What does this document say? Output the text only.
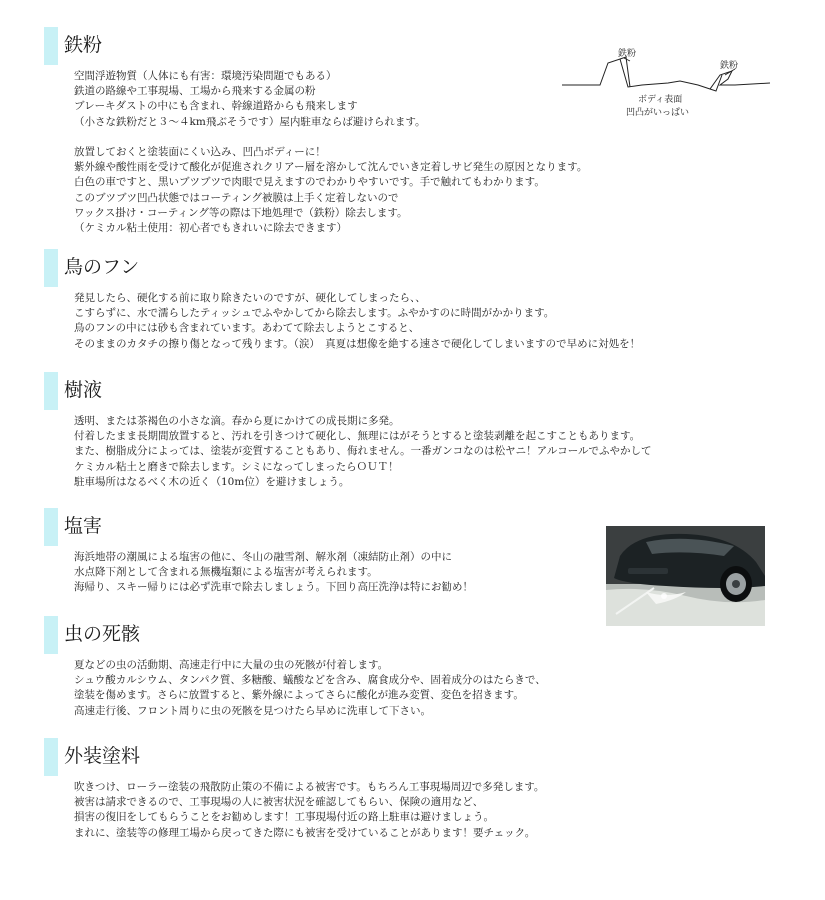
鉄粉
空間浮遊物質（人体にも有害：環境汚染問題でもある）
鉄道の路線や工事現場、工場から飛来する金属の粉
ブレーキダストの中にも含まれ、幹線道路からも飛来します
（小さな鉄粉だと３～４km飛ぶそうです）屋内駐車ならば避けられます。
放置しておくと塗装面にくい込み、凹凸ボディーに！
紫外線や酸性雨を受けて酸化が促進されクリアー層を溶かして沈んでいき定着しサビ発生の原因となります。
白色の車ですと、黒いブツブツで肉眼で見えますのでわかりやすいです。手で触れてもわかります。
このブツブツ凹凸状態ではコーティング被膜は上手く定着しないので
ワックス掛け・コーティング等の際は下地処理で（鉄粉）除去します。
（ケミカル粘土使用：初心者でもきれいに除去できます）
鉄粉
鉄粉
ボディ表面
凹凸がいっぱい
鳥のフン
発見したら、硬化する前に取り除きたいのですが、硬化してしまったら、、
こすらずに、水で濡らしたティッシュでふやかしてから除去します。ふやかすのに時間がかかります。
鳥のフンの中には砂も含まれています。あわてて除去しようとこすると、
そのままのカタチの擦り傷となって残ります。（涙）　真夏は想像を絶する速さで硬化してしまいますので早めに対処を！
樹液
透明、または茶褐色の小さな滴。春から夏にかけての成長期に多発。
付着したまま長期間放置すると、汚れを引きつけて硬化し、無理にはがそうとすると塗装剥離を起こすこともあります。
また、樹脂成分によっては、塗装が変質することもあり、侮れません。一番ガンコなのは松ヤニ！アルコールでふやかして
ケミカル粘土と磨きで除去します。シミになってしまったらＯＵＴ！
駐車場所はなるべく木の近く（10m位）を避けましょう。
塩害
海浜地帯の潮風による塩害の他に、冬山の融雪剤、解氷剤（凍結防止剤）の中に
水点降下剤として含まれる無機塩類による塩害が考えられます。
海帰り、スキー帰りには必ず洗車で除去しましょう。下回り高圧洗浄は特にお勧め！
虫の死骸
夏などの虫の活動期、高速走行中に大量の虫の死骸が付着します。
シュウ酸カルシウム、タンパク質、多糖酸、蟻酸などを含み、腐食成分や、固着成分のはたらきで、
塗装を傷めます。さらに放置すると、紫外線によってさらに酸化が進み変質、変色を招きます。
高速走行後、フロント周りに虫の死骸を見つけたら早めに洗車して下さい。
外装塗料
吹きつけ、ローラー塗装の飛散防止策の不備による被害です。もちろん工事現場周辺で多発します。
被害は請求できるので、工事現場の人に被害状況を確認してもらい、保険の適用など、
損害の復旧をしてもらうことをお勧めします！工事現場付近の路上駐車は避けましょう。
まれに、塗装等の修理工場から戻ってきた際にも被害を受けていることがあります！要チェック。
